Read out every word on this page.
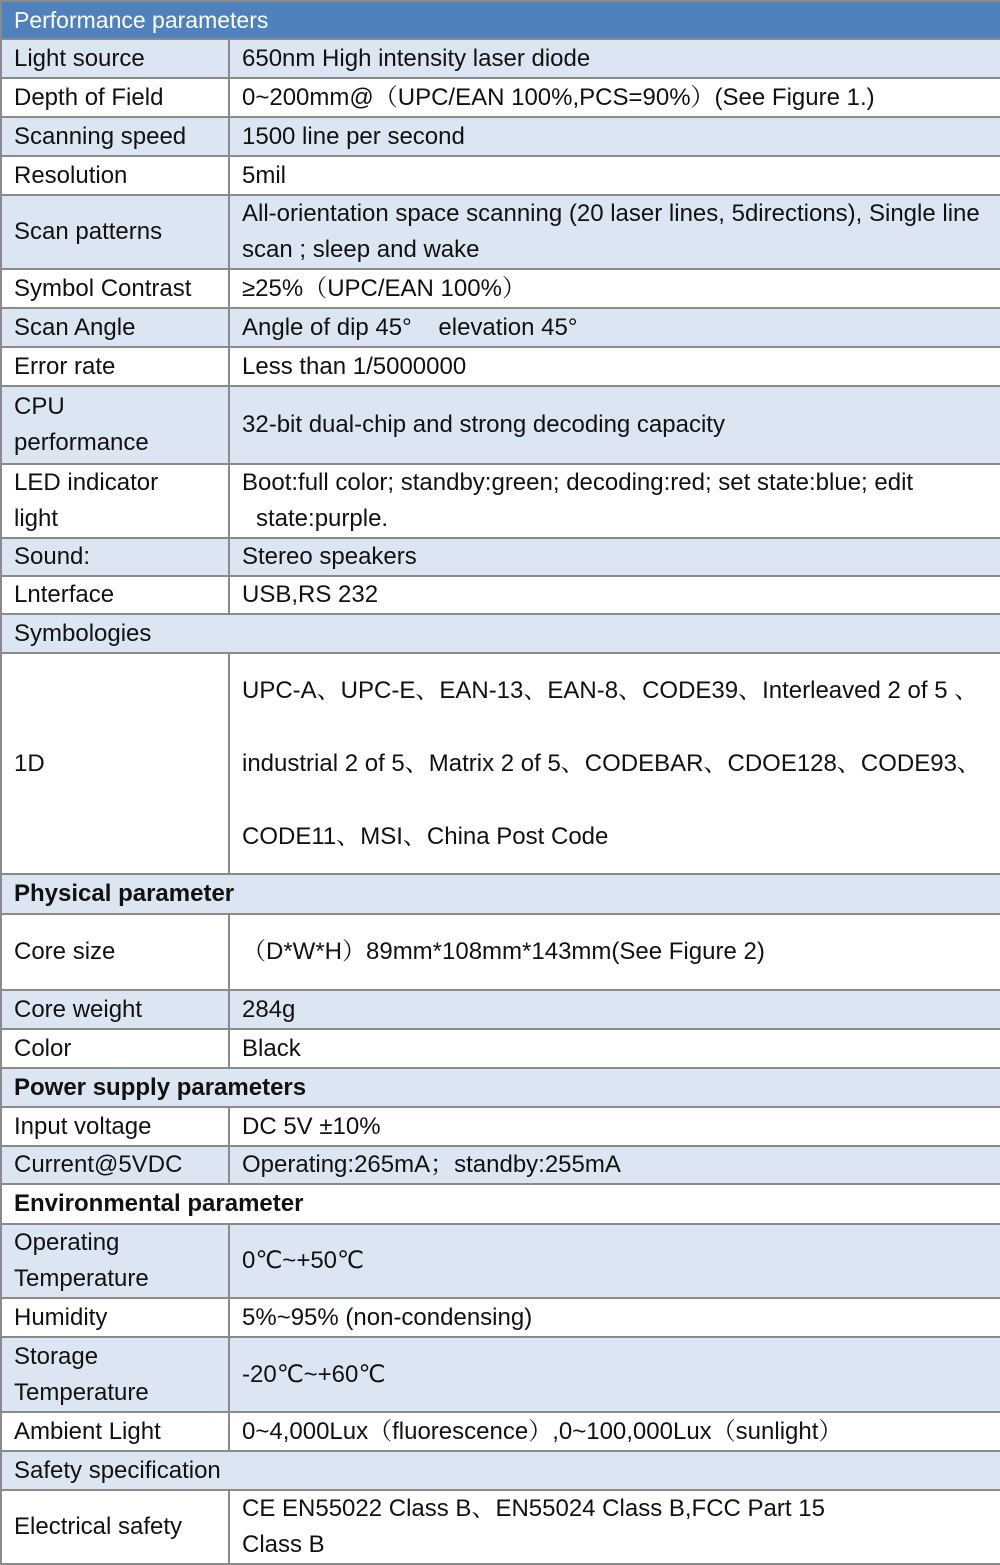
Performance parameters	
Light source	650nm High intensity laser diode
Depth of Field	0~200mm@（UPC/EAN 100%,PCS=90%）(See Figure 1.)
Scanning speed	1500 line per second
Resolution	5mil
Scan patterns	All-orientation space scanning (20 laser lines, 5directions), Single line scan ; sleep and wake
Symbol Contrast	≥25%（UPC/EAN 100%）
Scan Angle	Angle of dip 45°    elevation 45°
Error rate	Less than 1/5000000
CPU performance	32-bit dual-chip and strong decoding capacity
LED indicator light	Boot:full color; standby:green; decoding:red; set state:blue; edit
state:purple.

Sound:	Stereo speakers
Lnterface	USB,RS 232
Symbologies	
1D	UPC-A、UPC-E、EAN-13、EAN-8、CODE39、Interleaved 2 of 5 、
industrial 2 of 5、Matrix 2 of 5、CODEBAR、CDOE128、CODE93、
CODE11、MSI、China Post Code

Physical parameter	
Core size	（D*W*H）89mm*108mm*143mm(See Figure 2)
Core weight	284g
Color	Black
Power supply parameters	
Input voltage	DC 5V ±10%
Current@5VDC	Operating:265mA；standby:255mA
Environmental parameter	
Operating Temperature	0℃~+50℃
Humidity	5%~95% (non-condensing)
Storage Temperature	-20℃~+60℃
Ambient Light	0~4,000Lux（fluorescence）,0~100,000Lux（sunlight）
Safety specification	
Electrical safety	CE EN55022 Class B、EN55024 Class B,FCC Part 15 Class B
